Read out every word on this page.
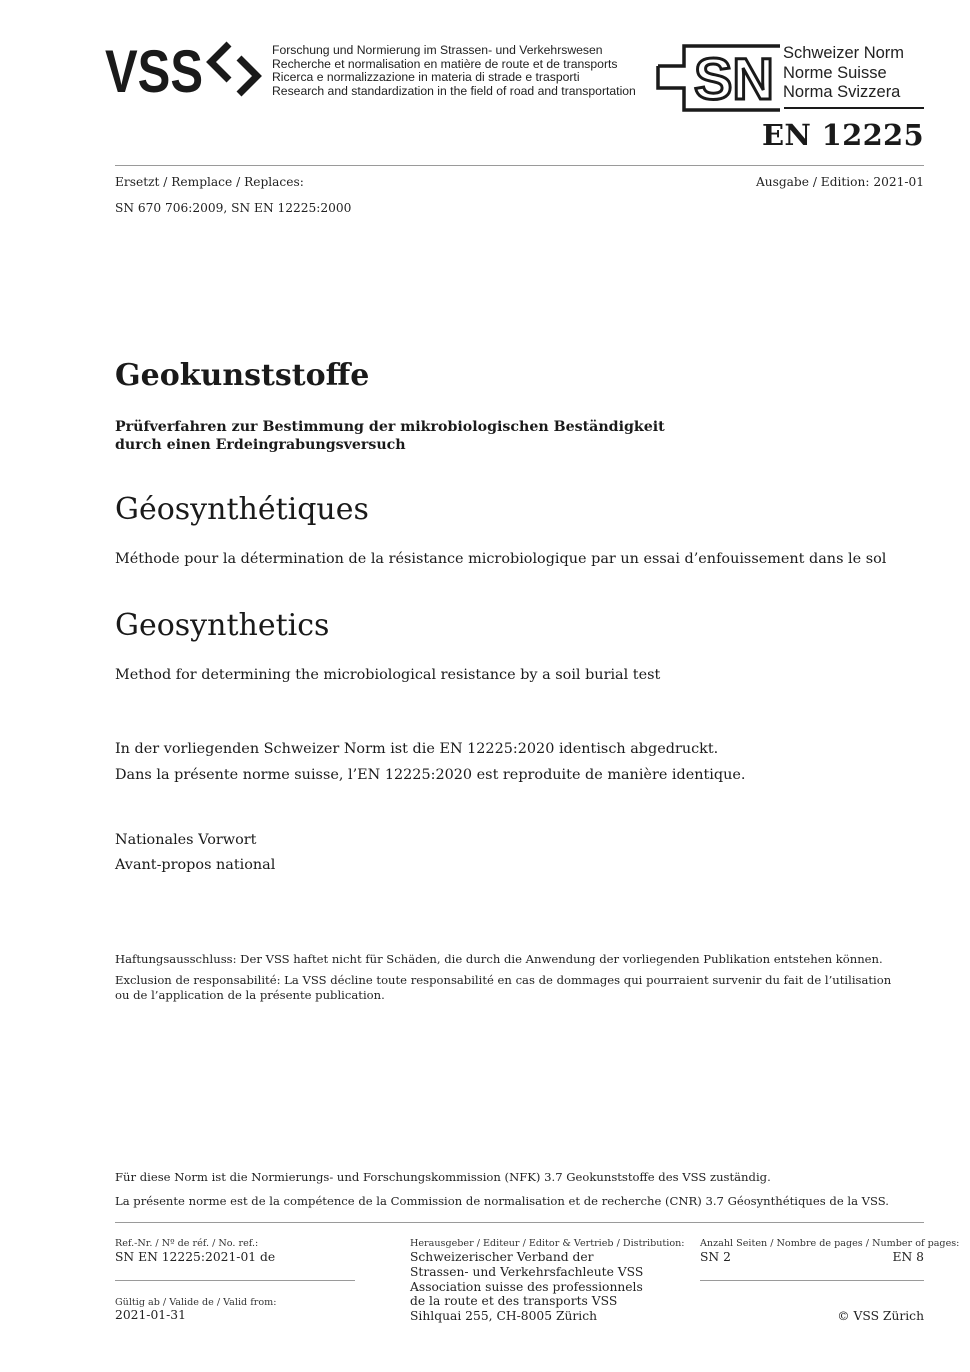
VSS	Forschung und Normierung im Strassen- und Verkehrswesen
Recherche et normalisation en matière de route et de transports
Ricerca e normalizzazione in materia di strade e trasporti
Research and standardization in the field of road and transportation SN Schweizer Norm
Norme Suisse
Norma Svizzera
EN 12225
Ersetzt / Remplace / Replaces:	Ausgabe / Edition: 2021-01
SN 670 706:2009, SN EN 12225:2000
Geokunststoffe
Prüfverfahren zur Bestimmung der mikrobiologischen Beständigkeit
durch einen Erdeingrabungsversuch
Géosynthétiques
Méthode pour la détermination de la résistance microbiologique par un essai d’enfouissement dans le sol
Geosynthetics
Method for determining the microbiological resistance by a soil burial test
In der vorliegenden Schweizer Norm ist die EN 12225:2020 identisch abgedruckt.
Dans la présente norme suisse, l’EN 12225:2020 est reproduite de manière identique.
Nationales Vorwort
Avant-propos national
Haftungsausschluss: Der VSS haftet nicht für Schäden, die durch die Anwendung der vorliegenden Publikation entstehen können.
Exclusion de responsabilité: La VSS décline toute responsabilité en cas de dommages qui pourraient survenir du fait de l’utilisation
ou de l’application de la présente publication.
Für diese Norm ist die Normierungs- und Forschungskommission (NFK) 3.7 Geokunststoffe des VSS zuständig.
La présente norme est de la compétence de la Commission de normalisation et de recherche (CNR) 3.7 Géosynthétiques de la VSS.
Ref.-Nr. / Nº de réf. / No. ref.:
SN EN 12225:2021-01 de
Gültig ab / Valide de / Valid from:
2021-01-31
Herausgeber / Editeur / Editor & Vertrieb / Distribution:
Schweizerischer Verband der
Strassen- und Verkehrsfachleute VSS
Association suisse des professionnels
de la route et des transports VSS
Sihlquai 255, CH-8005 Zürich
Anzahl Seiten / Nombre de pages / Number of pages:
SN 2	EN 8
© VSS Zürich
